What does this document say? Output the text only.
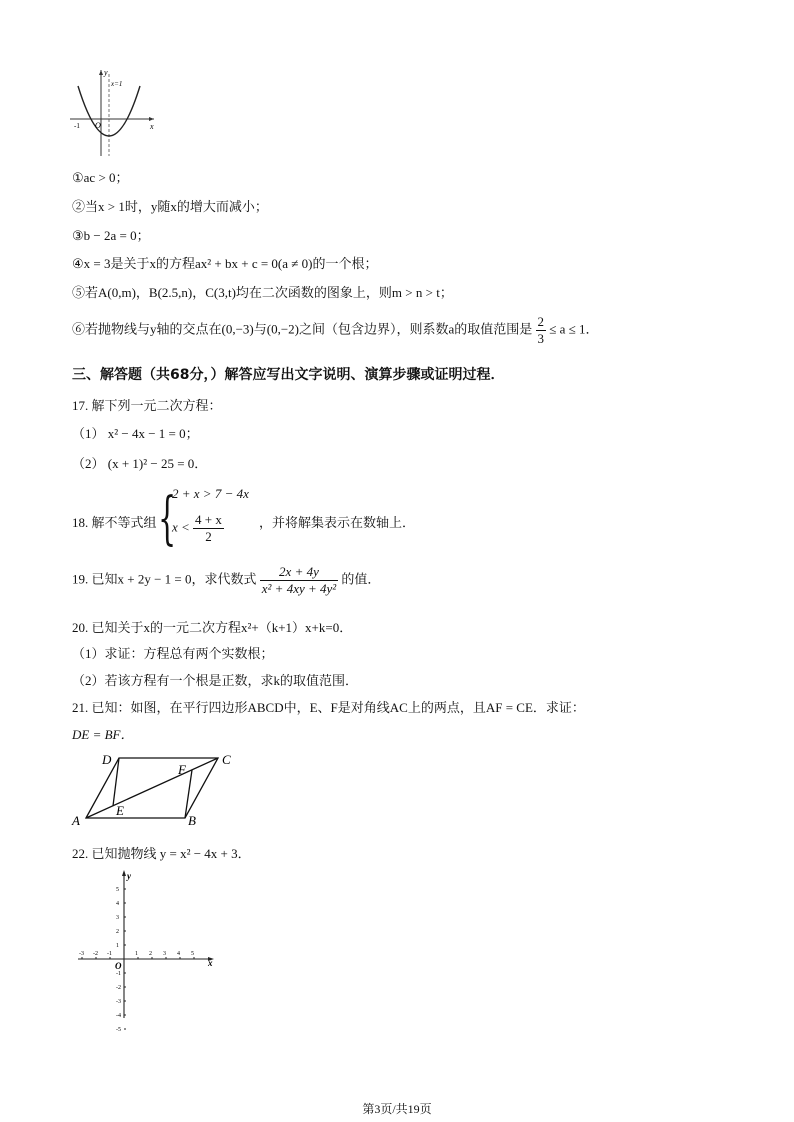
y
x=1
-1 O	x
①ac > 0；
②当x > 1时，y随x的增大而减小；
③b − 2a = 0；
④x = 3是关于x的方程ax² + bx + c = 0(a ≠ 0)的一个根；
⑤若A(0,m)，B(2.5,n)，C(3,t)均在二次函数的图象上，则m > n > t；
⑥若抛物线与y轴的交点在(0,−3)与(0,−2)之间（包含边界），则系数a的取值范围是 $\frac{2}{3} \le a \le 1$．
三、解答题（共68分，）解答应写出文字说明、演算步骤或证明过程．
17. 解下列一元二次方程：
（1） x² − 4x − 1 = 0；
（2） (x + 1)² − 25 = 0．
18. 解不等式组 {
2 + x > 7 − 4x
$x < \frac{4 + x}{2}$	，并将解集表示在数轴上．
19. 已知x + 2y − 1 = 0，求代数式 $\frac{2x + 4y}{\text{x² + 4xy + 4y²}}$ 的值．
20. 已知关于x的一元二次方程x²+（k+1）x+k=0．
（1）求证：方程总有两个实数根；
（2）若该方程有一个根是正数，求k的取值范围．
21. 已知：如图，在平行四边形ABCD中，E、F是对角线AC上的两点，且AF = CE．求证：
DE = BF．
D	C
F
E
A	B
22. 已知抛物线 y = x² − 4x + 3．
-3 -2 -1	1 2 3 4 5
5
4
3
2
1
-1
-2
-3
-4
-5
y
x
O
第3页/共19页
